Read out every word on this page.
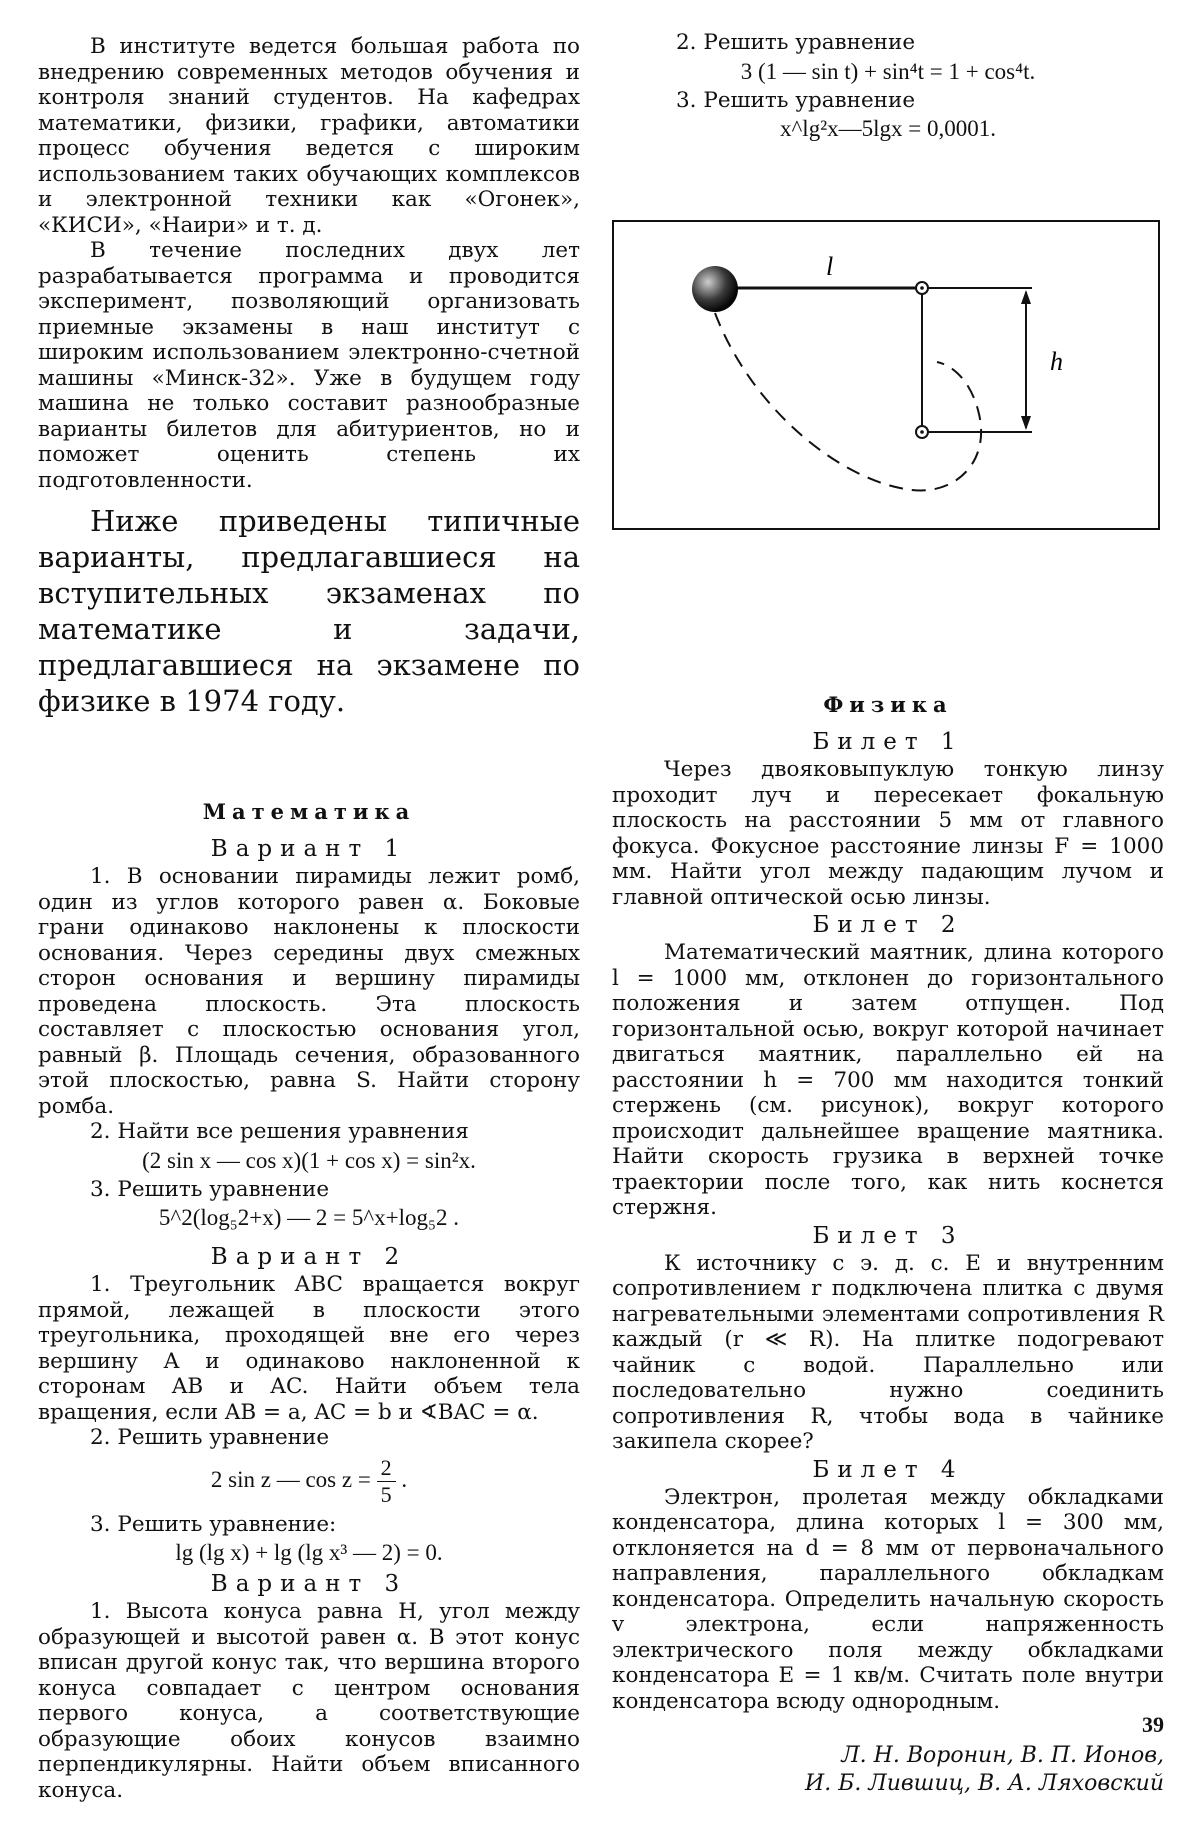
В институте ведется большая работа по внедрению современных методов обучения и контроля знаний студентов. На кафедрах математики, физики, графики, автоматики процесс обучения ведется с широким использованием таких обучающих комплексов и электронной техники как «Огонек», «КИСИ», «Наири» и т. д.

В течение последних двух лет разрабатывается программа и проводится эксперимент, позволяющий организовать приемные экзамены в наш институт с широким использованием электронно-счетной машины «Минск-32». Уже в будущем году машина не только составит разнообразные варианты билетов для абитуриентов, но и поможет оценить степень их подготовленности.

Ниже приведены типичные варианты, предлагавшиеся на вступительных экзаменах по математике и задачи, предлагавшиеся на экзамене по физике в 1974 году.

Математика

Вариант 1

1. В основании пирамиды лежит ромб, один из углов которого равен α. Боковые грани одинаково наклонены к плоскости основания. Через середины двух смежных сторон основания и вершину пирамиды проведена плоскость. Эта плоскость составляет с плоскостью основания угол, равный β. Площадь сечения, образованного этой плоскостью, равна S. Найти сторону ромба.

2. Найти все решения уравнения

(2 sin x — cos x)(1 + cos x) = sin²x.

3. Решить уравнение

5^2(log₅2+x) — 2 = 5^x+log₅2 .

Вариант 2

1. Треугольник ABC вращается вокруг прямой, лежащей в плоскости этого треугольника, проходящей вне его через вершину A и одинаково наклоненной к сторонам AB и AC. Найти объем тела вращения, если AB = a, AC = b и ∢BAC = α.

2. Решить уравнение

2 sin z — $\cos z = \frac{2}{5}$ .

3. Решить уравнение:

lg (lg x) + lg (lg x³ — 2) = 0.

Вариант 3

1. Высота конуса равна H, угол между образующей и высотой равен α. В этот конус вписан другой конус так, что вершина второго конуса совпадает с центром основания первого конуса, а соответствующие образующие обоих конусов взаимно перпендикулярны. Найти объем вписанного конуса.

2. Решить уравнение

3 (1 — sin t) + sin⁴t = 1 + cos⁴t.

3. Решить уравнение

x^lg²x—5lgx = 0,0001.

l
h

Физика

Билет 1

Через двояковыпуклую тонкую линзу проходит луч и пересекает фокальную плоскость на расстоянии 5 мм от главного фокуса. Фокусное расстояние линзы F = 1000 мм. Найти угол между падающим лучом и главной оптической осью линзы.

Билет 2

Математический маятник, длина которого l = 1000 мм, отклонен до горизонтального положения и затем отпущен. Под горизонтальной осью, вокруг которой начинает двигаться маятник, параллельно ей на расстоянии h = 700 мм находится тонкий стержень (см. рисунок), вокруг которого происходит дальнейшее вращение маятника. Найти скорость грузика в верхней точке траектории после того, как нить коснется стержня.

Билет 3

К источнику с э. д. с. E и внутренним сопротивлением r подключена плитка с двумя нагревательными элементами сопротивления R каждый (r ≪ R). На плитке подогревают чайник с водой. Параллельно или последовательно нужно соединить сопротивления R, чтобы вода в чайнике закипела скорее?

Билет 4

Электрон, пролетая между обкладками конденсатора, длина которых l = 300 мм, отклоняется на d = 8 мм от первоначального направления, параллельного обкладкам конденсатора. Определить начальную скорость v электрона, если напряженность электрического поля между обкладками конденсатора E = 1 кв/м. Считать поле внутри конденсатора всюду однородным.

Л. Н. Воронин, В. П. Ионов,

И. Б. Лившиц, В. А. Ляховский

39
